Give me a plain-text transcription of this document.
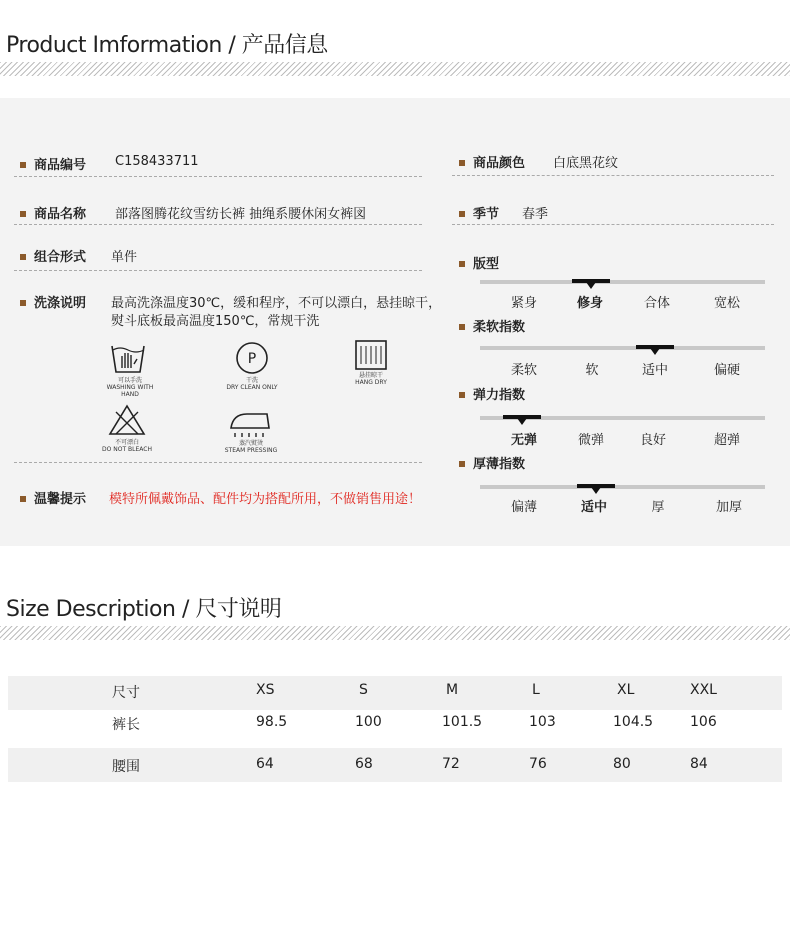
Product Imformation / 产品信息
商品编号 C158433711
商品名称 部落图腾花纹雪纺长裤 抽绳系腰休闲女裤図
组合形式 单件
洗涤说明 最高洗涤温度30℃，缓和程序，不可以漂白，悬挂晾干，
熨斗底板最高温度150℃，常规干洗
可以手洗
WASHING WITH HAND
P
干洗
DRY CLEAN ONLY
悬挂晾干
HANG DRY
不可漂白
DO NOT BLEACH
蒸汽熨烫
STEAM PRESSING
温馨提示 模特所佩戴饰品、配件均为搭配所用，不做销售用途！
商品颜色 白底黑花纹
季节 春季
版型
紧身	修身	合体	宽松
柔软指数
柔软	软	适中	偏硬
弹力指数
无弹	微弹	良好	超弹
厚薄指数
偏薄	适中	厚	加厚
Size Description / 尺寸说明
尺寸	XS	S	M	L	XL	XXL
裤长	98.5	100	101.5	103	104.5	106
腰围	64	68	72	76	80	84
